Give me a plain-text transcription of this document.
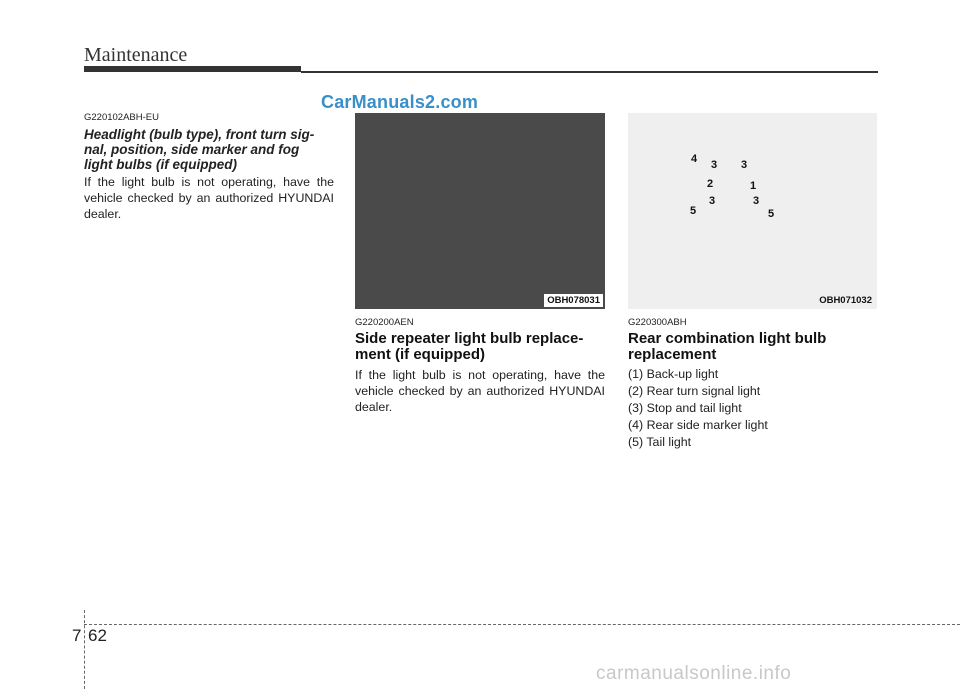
Maintenance
G220102ABH-EU
Headlight (bulb type), front turn sig-
nal, position, side marker and fog
light bulbs (if equipped)
If the light bulb is not operating, have the vehicle checked by an authorized HYUNDAI dealer.
CarManuals2.com
OBH078031
G220200AEN
Side repeater light bulb replace-
ment (if equipped)
If the light bulb is not operating, have the vehicle checked by an authorized HYUNDAI dealer.
4 3 3
2	1
5
3	3
5
OBH071032
G220300ABH
Rear combination light bulb
replacement
(1) Back-up light
(2) Rear turn signal light
(3) Stop and tail light
(4) Rear side marker light
(5) Tail light
7 62
carmanualsonline.info
